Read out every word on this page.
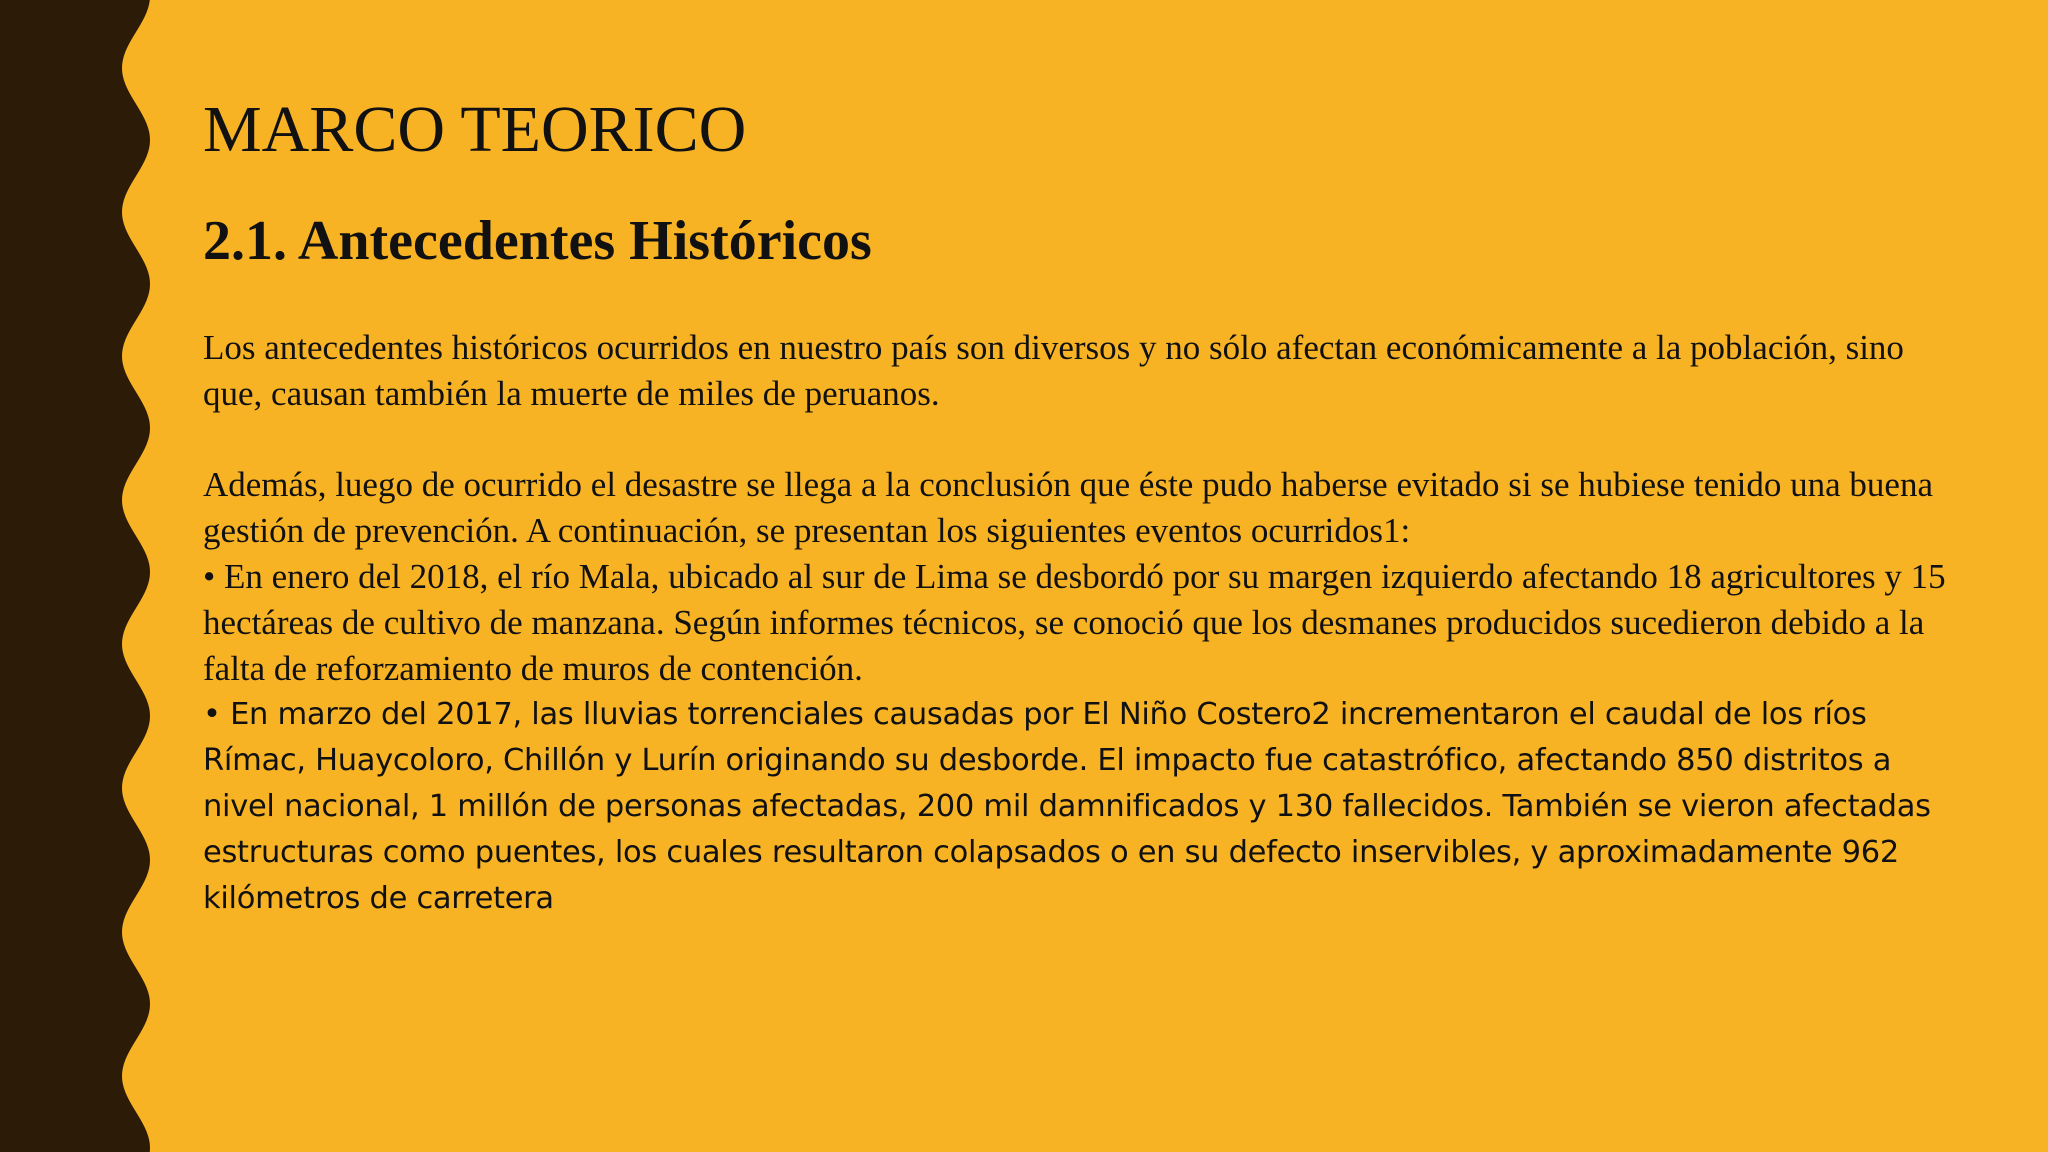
MARCO TEORICO
2.1. Antecedentes Históricos

Los antecedentes históricos ocurridos en nuestro país son diversos y no sólo afectan económicamente a la población, sino que, causan también la muerte de miles de peruanos.

Además, luego de ocurrido el desastre se llega a la conclusión que éste pudo haberse evitado si se hubiese tenido una buena gestión de prevención. A continuación, se presentan los siguientes eventos ocurridos1:

• En enero del 2018, el río Mala, ubicado al sur de Lima se desbordó por su margen izquierdo afectando 18 agricultores y 15 hectáreas de cultivo de manzana. Según informes técnicos, se conoció que los desmanes producidos sucedieron debido a la falta de reforzamiento de muros de contención.

• En marzo del 2017, las lluvias torrenciales causadas por El Niño Costero2 incrementaron el caudal de los ríos Rímac, Huaycoloro, Chillón y Lurín originando su desborde. El impacto fue catastrófico, afectando 850 distritos a nivel nacional, 1 millón de personas afectadas, 200 mil damnificados y 130 fallecidos. También se vieron afectadas estructuras como puentes, los cuales resultaron colapsados o en su defecto inservibles, y aproximadamente 962 kilómetros de carretera
